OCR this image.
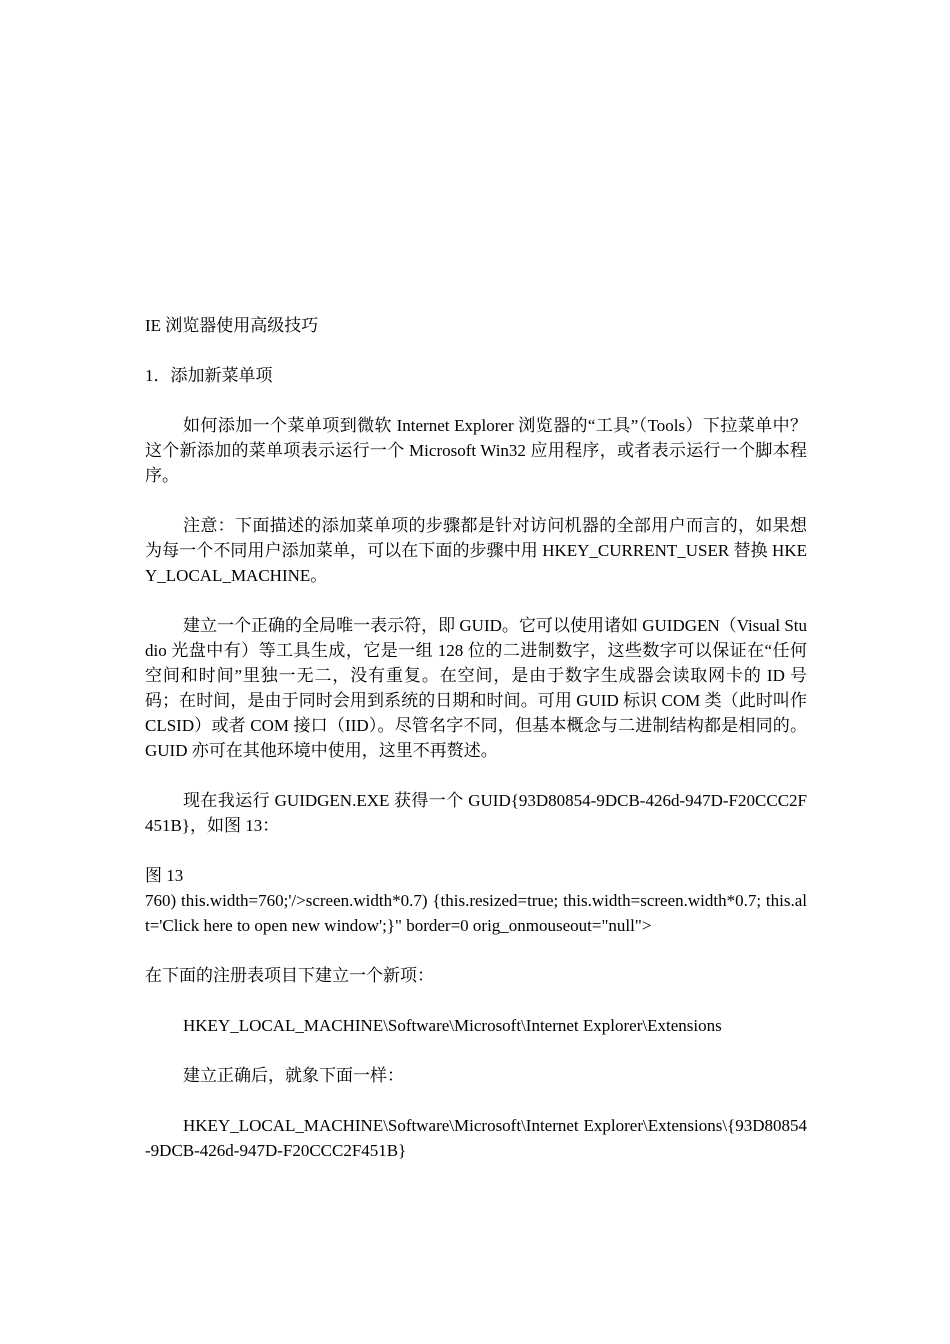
IE 浏览器使用高级技巧

1．添加新菜单项

如何添加一个菜单项到微软 Internet Explorer 浏览器的“工具”（Tools）下拉菜单中？这个新添加的菜单项表示运行一个 Microsoft Win32 应用程序，或者表示运行一个脚本程序。

注意：下面描述的添加菜单项的步骤都是针对访问机器的全部用户而言的，如果想为每一个不同用户添加菜单，可以在下面的步骤中用 HKEY_CURRENT_USER 替换 HKEY_LOCAL_MACHINE。

建立一个正确的全局唯一表示符，即 GUID。它可以使用诸如 GUIDGEN（Visual Studio 光盘中有）等工具生成，它是一组 128 位的二进制数字，这些数字可以保证在“任何空间和时间”里独一无二，没有重复。在空间，是由于数字生成器会读取网卡的 ID 号码；在时间，是由于同时会用到系统的日期和时间。可用 GUID 标识 COM 类（此时叫作 CLSID）或者 COM 接口（IID）。尽管名字不同，但基本概念与二进制结构都是相同的。GUID 亦可在其他环境中使用，这里不再赘述。

现在我运行 GUIDGEN.EXE 获得一个 GUID{93D80854-9DCB-426d-947D-F20CCC2F451B}，如图 13：

图 13

760) this.width=760;'/>screen.width*0.7) {this.resized=true; this.width=screen.width*0.7; this.alt='Click here to open new window';}" border=0 orig_onmouseout="null">

在下面的注册表项目下建立一个新项：

HKEY_LOCAL_MACHINE\Software\Microsoft\Internet Explorer\Extensions

建立正确后，就象下面一样：

HKEY_LOCAL_MACHINE\Software\Microsoft\Internet Explorer\Extensions\{93D80854-9DCB-426d-947D-F20CCC2F451B}
